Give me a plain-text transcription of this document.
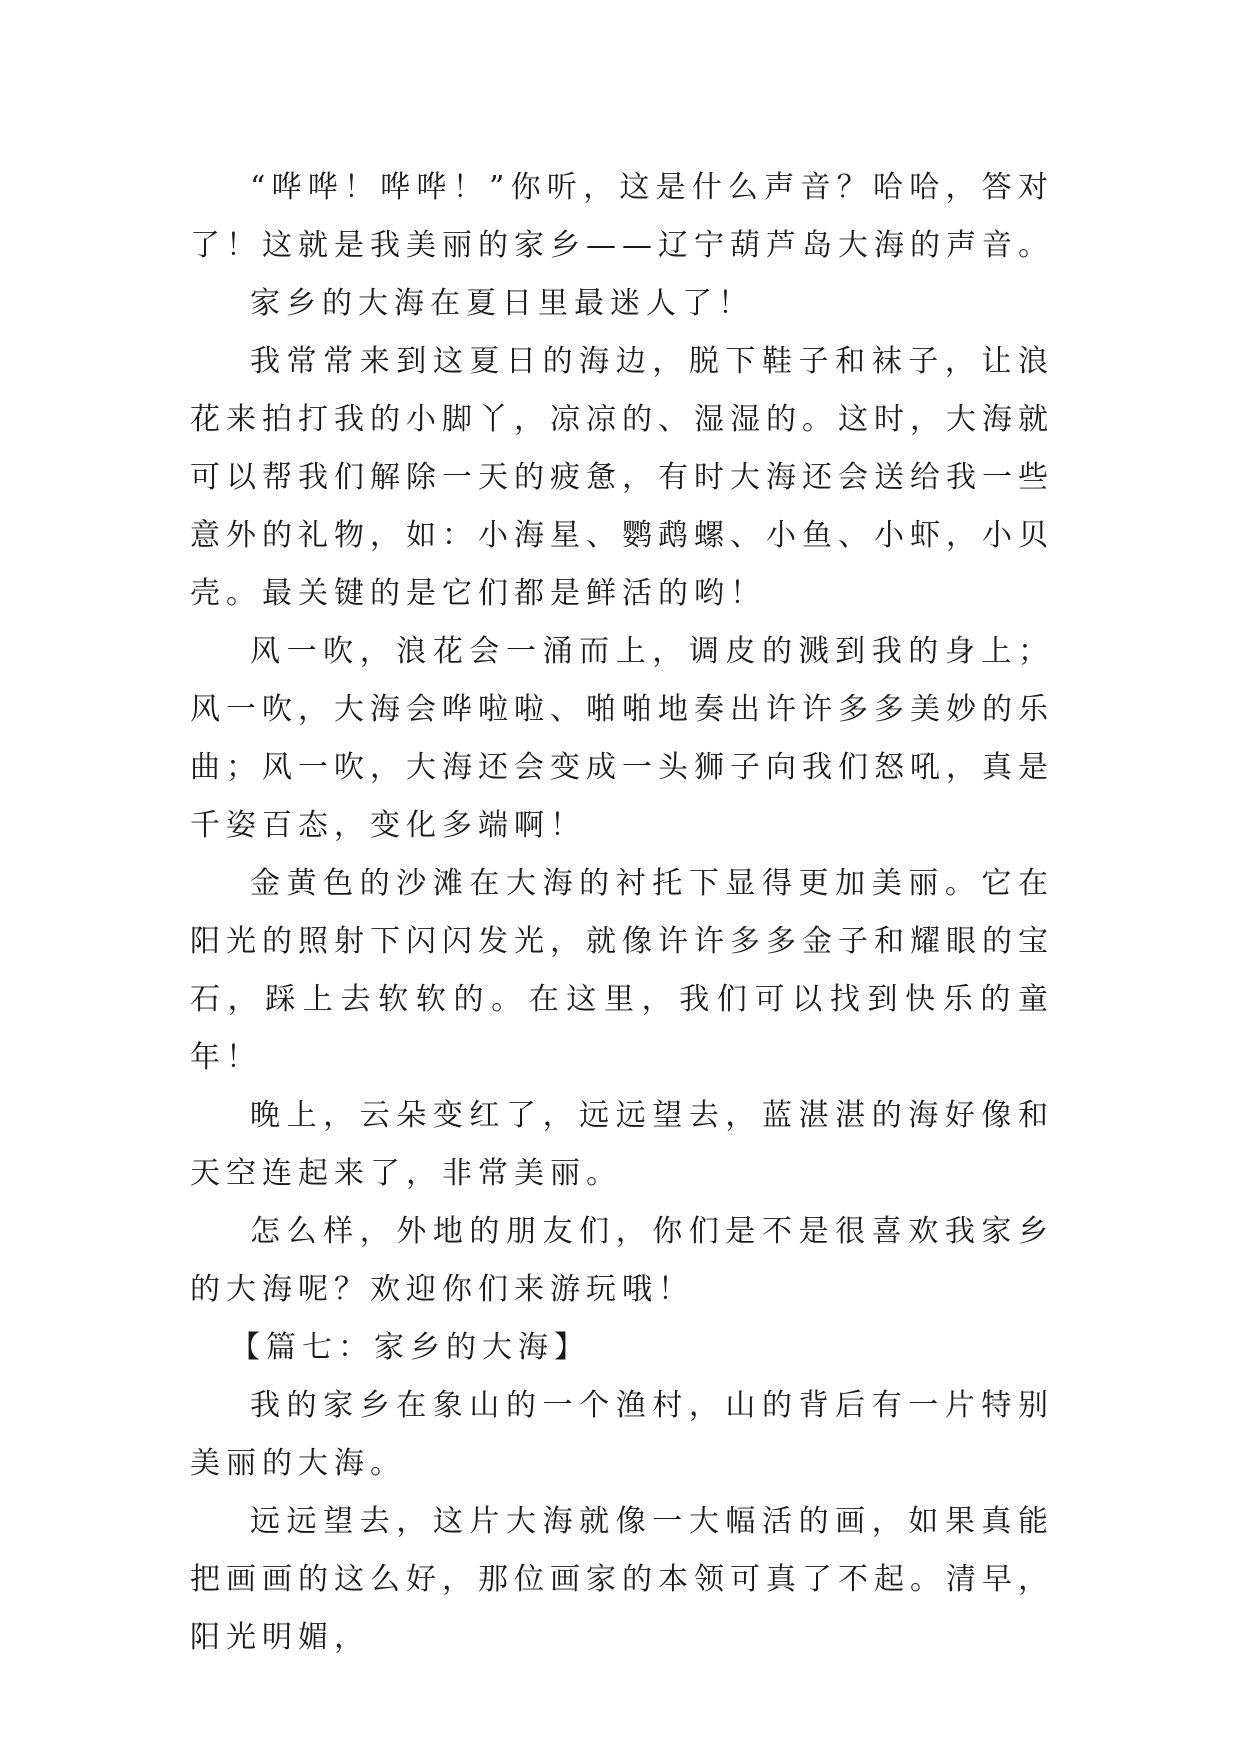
“哗哗！哗哗！”你听，这是什么声音？哈哈，答对了！这就是我美丽的家乡——辽宁葫芦岛大海的声音。

家乡的大海在夏日里最迷人了！

我常常来到这夏日的海边，脱下鞋子和袜子，让浪花来拍打我的小脚丫，凉凉的、湿湿的。这时，大海就可以帮我们解除一天的疲惫，有时大海还会送给我一些意外的礼物，如：小海星、鹦鹉螺、小鱼、小虾，小贝壳。最关键的是它们都是鲜活的哟！

风一吹，浪花会一涌而上，调皮的溅到我的身上；风一吹，大海会哗啦啦、啪啪地奏出许许多多美妙的乐曲；风一吹，大海还会变成一头狮子向我们怒吼，真是千姿百态，变化多端啊！

金黄色的沙滩在大海的衬托下显得更加美丽。它在阳光的照射下闪闪发光，就像许许多多金子和耀眼的宝石，踩上去软软的。在这里，我们可以找到快乐的童年！

晚上，云朵变红了，远远望去，蓝湛湛的海好像和天空连起来了，非常美丽。

怎么样，外地的朋友们，你们是不是很喜欢我家乡的大海呢？欢迎你们来游玩哦！

【篇七：家乡的大海】

我的家乡在象山的一个渔村，山的背后有一片特别美丽的大海。

远远望去，这片大海就像一大幅活的画，如果真能把画画的这么好，那位画家的本领可真了不起。清早，阳光明媚，
